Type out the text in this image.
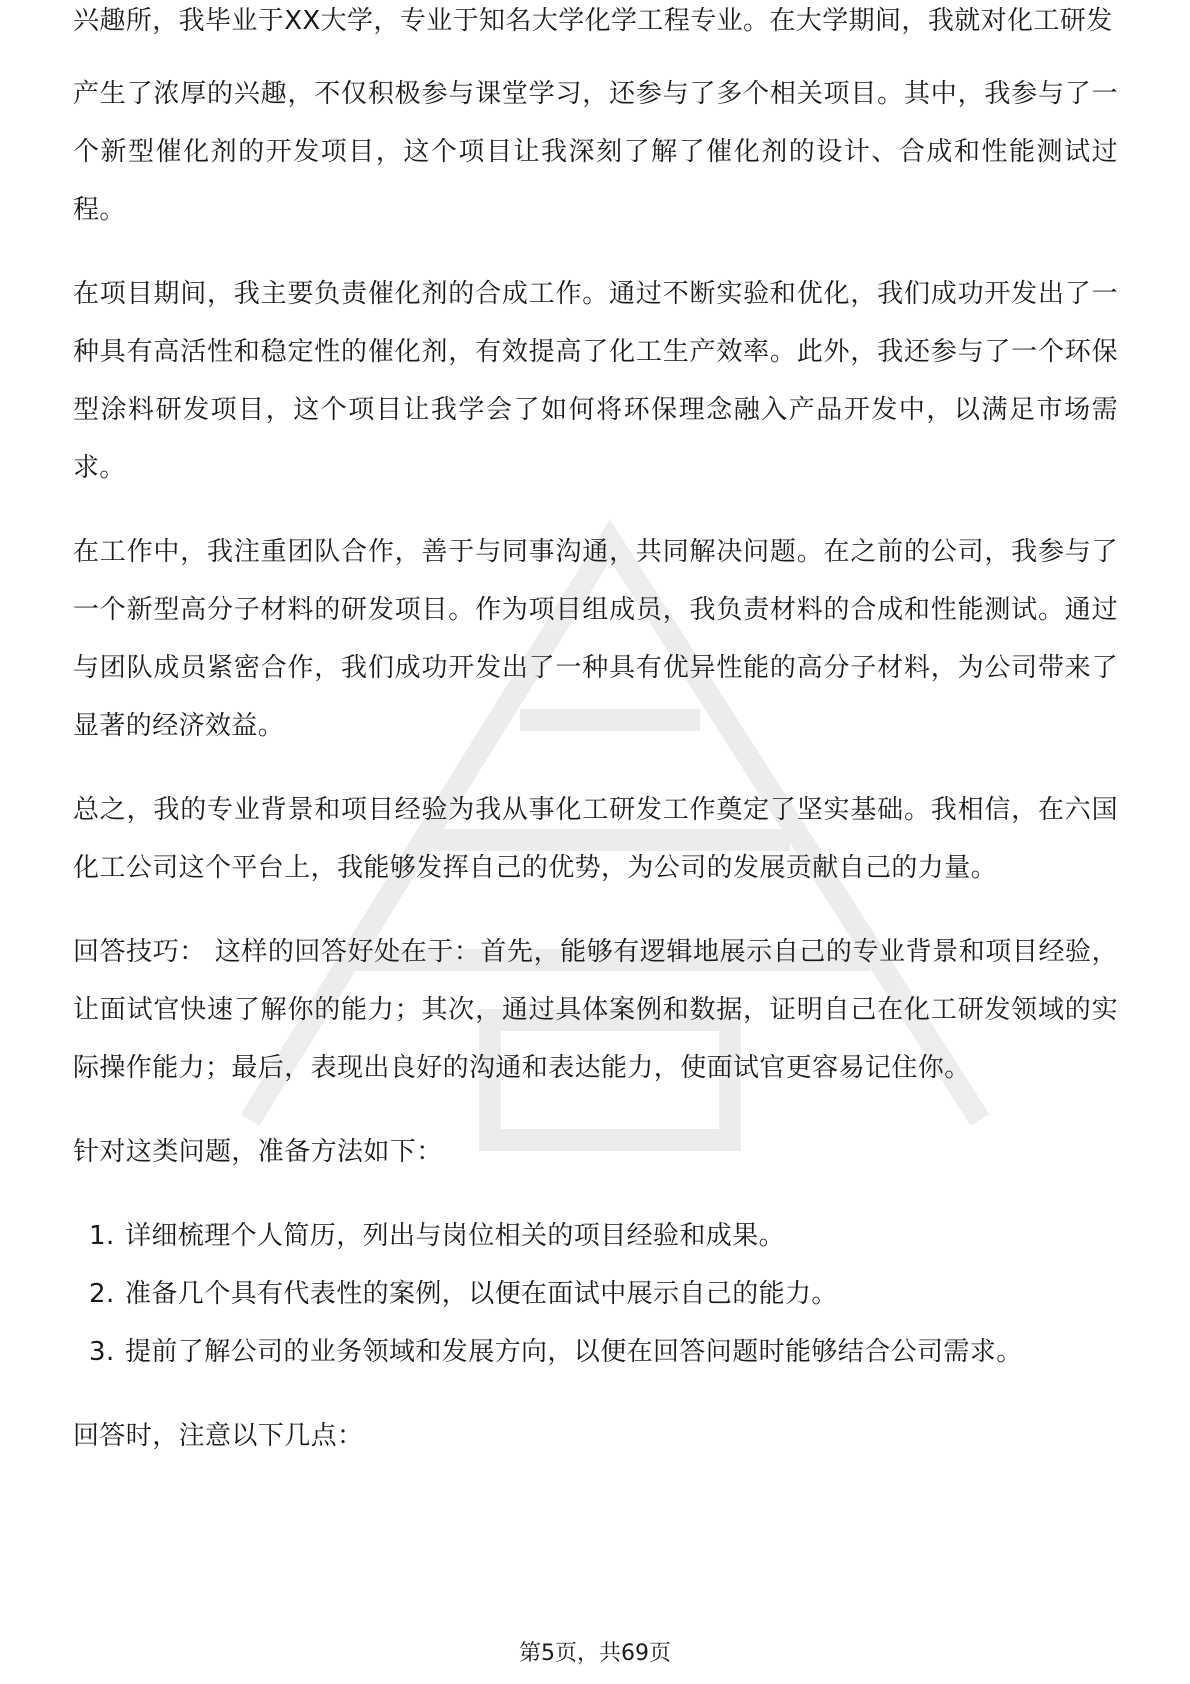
兴趣所，我毕业于XX大学，专业于知名大学化学工程专业。在大学期间，我就对化工研发

产生了浓厚的兴趣，不仅积极参与课堂学习，还参与了多个相关项目。其中，我参与了一个新型催化剂的开发项目，这个项目让我深刻了解了催化剂的设计、合成和性能测试过程。

在项目期间，我主要负责催化剂的合成工作。通过不断实验和优化，我们成功开发出了一种具有高活性和稳定性的催化剂，有效提高了化工生产效率。此外，我还参与了一个环保型涂料研发项目，这个项目让我学会了如何将环保理念融入产品开发中，以满足市场需求。

在工作中，我注重团队合作，善于与同事沟通，共同解决问题。在之前的公司，我参与了一个新型高分子材料的研发项目。作为项目组成员，我负责材料的合成和性能测试。通过与团队成员紧密合作，我们成功开发出了一种具有优异性能的高分子材料，为公司带来了显著的经济效益。

总之，我的专业背景和项目经验为我从事化工研发工作奠定了坚实基础。我相信，在六国化工公司这个平台上，我能够发挥自己的优势，为公司的发展贡献自己的力量。

回答技巧： 这样的回答好处在于：首先，能够有逻辑地展示自己的专业背景和项目经验，让面试官快速了解你的能力；其次，通过具体案例和数据，证明自己在化工研发领域的实际操作能力；最后，表现出良好的沟通和表达能力，使面试官更容易记住你。

针对这类问题，准备方法如下：

1. 详细梳理个人简历，列出与岗位相关的项目经验和成果。
2. 准备几个具有代表性的案例，以便在面试中展示自己的能力。
3. 提前了解公司的业务领域和发展方向，以便在回答问题时能够结合公司需求。

回答时，注意以下几点：

第5页，共69页
